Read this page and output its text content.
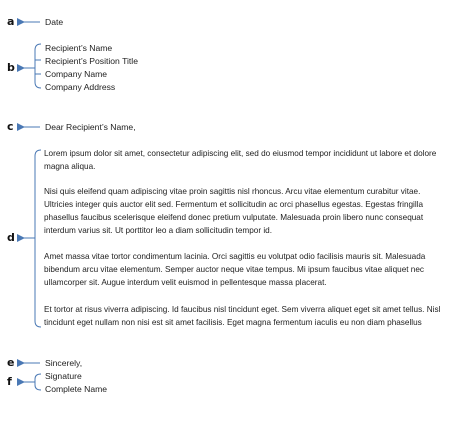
a
b
c
d
e
f
Date
Recipient’s Name
Recipient’s Position Title
Company Name
Company Address
Dear Recipient’s Name,
Lorem ipsum dolor sit amet, consectetur adipiscing elit, sed do eiusmod tempor incididunt ut labore et dolore
magna aliqua.
Nisi quis eleifend quam adipiscing vitae proin sagittis nisl rhoncus. Arcu vitae elementum curabitur vitae.
Ultricies integer quis auctor elit sed. Fermentum et sollicitudin ac orci phasellus egestas. Egestas fringilla
phasellus faucibus scelerisque eleifend donec pretium vulputate. Malesuada proin libero nunc consequat
interdum varius sit. Ut porttitor leo a diam sollicitudin tempor id.
Amet massa vitae tortor condimentum lacinia. Orci sagittis eu volutpat odio facilisis mauris sit. Malesuada
bibendum arcu vitae elementum. Semper auctor neque vitae tempus. Mi ipsum faucibus vitae aliquet nec
ullamcorper sit. Augue interdum velit euismod in pellentesque massa placerat.
Et tortor at risus viverra adipiscing. Id faucibus nisl tincidunt eget. Sem viverra aliquet eget sit amet tellus. Nisl
tincidunt eget nullam non nisi est sit amet facilisis. Eget magna fermentum iaculis eu non diam phasellus
Sincerely,
Signature
Complete Name
